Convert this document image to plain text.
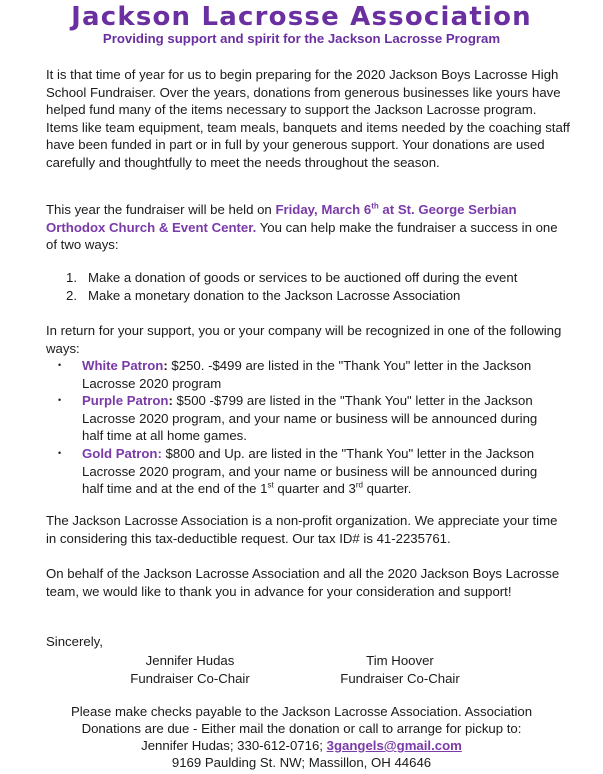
Jackson Lacrosse Association
Providing support and spirit for the Jackson Lacrosse Program
It is that time of year for us to begin preparing for the 2020 Jackson Boys Lacrosse High School Fundraiser. Over the years, donations from generous businesses like yours have helped fund many of the items necessary to support the Jackson Lacrosse program. Items like team equipment, team meals, banquets and items needed by the coaching staff have been funded in part or in full by your generous support. Your donations are used carefully and thoughtfully to meet the needs throughout the season.
This year the fundraiser will be held on Friday, March 6th at St. George Serbian Orthodox Church & Event Center. You can help make the fundraiser a success in one of two ways:
1. Make a donation of goods or services to be auctioned off during the event
2. Make a monetary donation to the Jackson Lacrosse Association
In return for your support, you or your company will be recognized in one of the following ways:
•	White Patron: $250. -$499 are listed in the "Thank You" letter in the Jackson Lacrosse 2020 program
•	Purple Patron: $500 -$799 are listed in the "Thank You" letter in the Jackson Lacrosse 2020 program, and your name or business will be announced during half time at all home games.
•	Gold Patron: $800 and Up. are listed in the "Thank You" letter in the Jackson Lacrosse 2020 program, and your name or business will be announced during half time and at the end of the 1st quarter and 3rd quarter.
The Jackson Lacrosse Association is a non-profit organization. We appreciate your time in considering this tax-deductible request. Our tax ID# is 41-2235761.
On behalf of the Jackson Lacrosse Association and all the 2020 Jackson Boys Lacrosse team, we would like to thank you in advance for your consideration and support!
Sincerely,
Jennifer Hudas
Fundraiser Co-Chair
Tim Hoover
Fundraiser Co-Chair
Please make checks payable to the Jackson Lacrosse Association. Association
Donations are due - Either mail the donation or call to arrange for pickup to:
Jennifer Hudas; 330-612-0716; 3gangels@gmail.com
9169 Paulding St. NW; Massillon, OH 44646
